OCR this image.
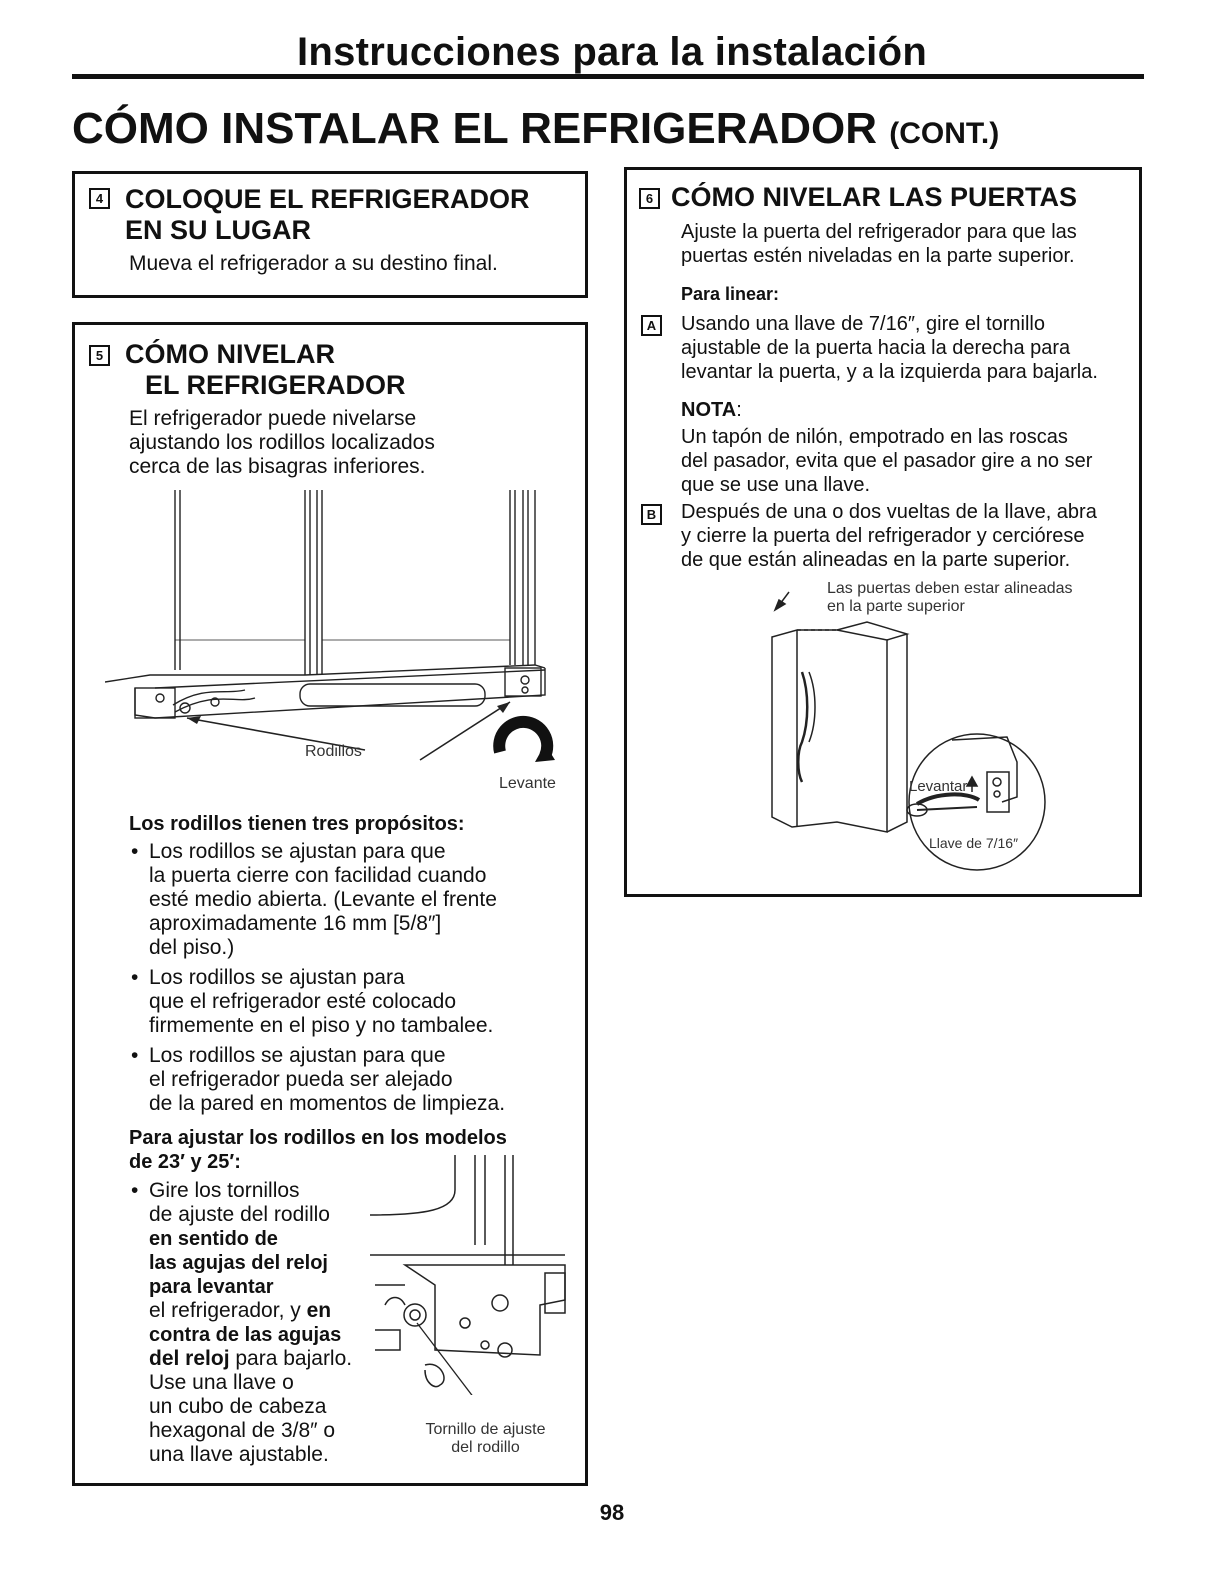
Instrucciones para la instalación
CÓMO INSTALAR EL REFRIGERADOR (CONT.)
4 COLOQUE EL REFRIGERADOR
EN SU LUGAR
Mueva el refrigerador a su destino final.
5 CÓMO NIVELAR
EL REFRIGERADOR
El refrigerador puede nivelarse
ajustando los rodillos localizados
cerca de las bisagras inferiores.
Rodillos
Levante
Los rodillos tienen tres propósitos:
• Los rodillos se ajustan para que
la puerta cierre con facilidad cuando
esté medio abierta. (Levante el frente
aproximadamente 16 mm [5/8″]
del piso.)
• Los rodillos se ajustan para
que el refrigerador esté colocado
firmemente en el piso y no tambalee.
• Los rodillos se ajustan para que
el refrigerador pueda ser alejado
de la pared en momentos de limpieza.
Para ajustar los rodillos en los modelos
de 23′ y 25′:
• Gire los tornillos
de ajuste del rodillo
en sentido de
las agujas del reloj
para levantar
el refrigerador, y en
contra de las agujas
del reloj para bajarlo.
Use una llave o
un cubo de cabeza
hexagonal de 3/8″ o
una llave ajustable.
Tornillo de ajuste
del rodillo
6 CÓMO NIVELAR LAS PUERTAS
Ajuste la puerta del refrigerador para que las
puertas estén niveladas en la parte superior.
Para linear:
A Usando una llave de 7/16″, gire el tornillo
ajustable de la puerta hacia la derecha para
levantar la puerta, y a la izquierda para bajarla.
NOTA:
Un tapón de nilón, empotrado en las roscas
del pasador, evita que el pasador gire a no ser
que se use una llave.
B Después de una o dos vueltas de la llave, abra
y cierre la puerta del refrigerador y cerciórese
de que están alineadas en la parte superior.
Las puertas deben estar alineadas
en la parte superior
Levantar
Llave de 7/16″
98
